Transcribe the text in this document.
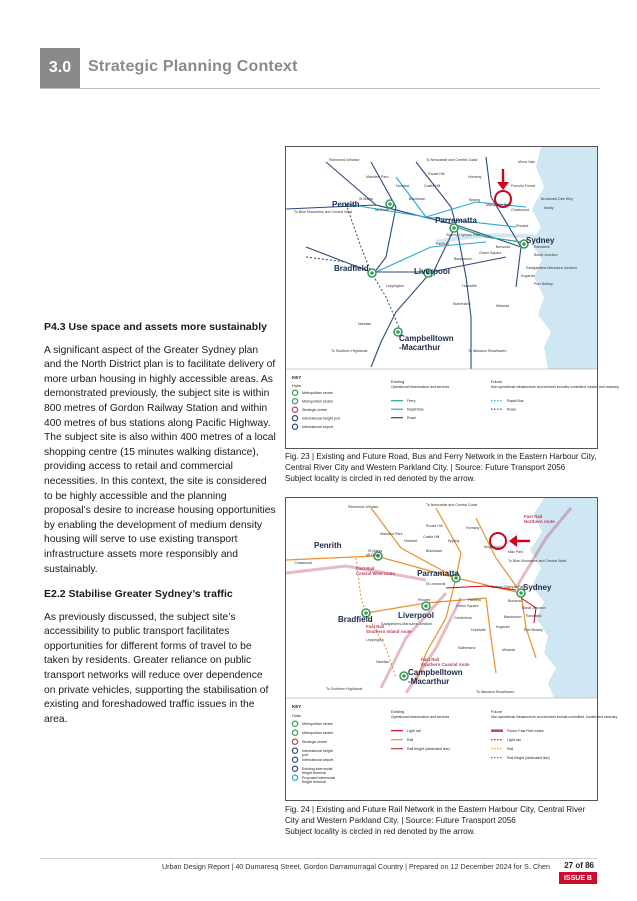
3.0	Strategic Planning Context
P4.3 Use space and assets more sustainably

A significant aspect of the Greater Sydney plan and the North District plan is to facilitate delivery of more urban housing in highly accessible areas. As demonstrated previously, the subject site is within 800 metres of Gordon Railway Station and within 400 metres of bus stations along Pacific Highway. The subject site is also within 400 metres of a local shopping centre (15 minutes walking distance), providing access to retail and commercial necessities. In this context, the site is considered to be highly accessible and the planning proposal’s desire to increase housing opportunities by enabling the development of medium density housing will serve to use existing transport infrastructure assets more responsibly and sustainably.

E2.2 Stabilise Greater Sydney’s traffic

As previously discussed, the subject site’s accessibility to public transport facilitates opportunities for different forms of travel to be taken by residents. Greater reliance on public transport networks will reduce over dependence on private vehicles, supporting the stabilisation of existing and foreshadowed traffic issues in the area.

Penrith
Parramatta
Sydney
Bradfield	Liverpool
Campbelltown
-Macarthur
Richmond-Windsor	To Newcastle and Central Coast	Mona Vale
Marsden Park
Rouse Hill
Hornsby
Norwest	Castle Hill	Frenchs Forest
Brookvale-Dee Why
St Marys
Mt Druitt
Blacktown	Epping
Macquarie Park
Manly
To Blue Mountains and Central West	Chatswood
Sydney Olympic Park
Rhodes
Fairfield
Burwood
Green Square
Randwick
Bankstown
Bondi Junction
Kogarah
Eastgardens-Maroubra Junction
Leppington	Hurstville	Port Botany
Sutherland	Miranda
Narellan
To Southern Highlands	To Illawarra-Shoalhaven
KEY
Hubs
Metropolitan centre
Metropolitan cluster
Strategic centre
International freight port
International airport
Existing
Operational infrastructure and services
Ferry
Rapid Bus
Road
Future
Non-operational infrastructure and services includes committed, funded and visionary
Rapid Bus
Road

Fig. 23 | Existing and Future Road, Bus and Ferry Network in the Eastern Harbour City, Central River City and Western Parkland City. | Source: Future Transport 2056

Subject locality is circled in red denoted by the arrow.

Penrith
Parramatta
Sydney
Bradfield	Liverpool
Campbelltown
-Macarthur
Richmond-Windsor	To Newcastle and Central Coast
Rouse Hill
Marsden Park
Hornsby
Castle Hill
Norwest	Epping
St Marys
Mt Druitt
Blacktown
Kingswood
Mac Park
Chatswood	To Blue Mountains and Central West
St Leonards
Sydney Olympic Park
Rhodes	Fairfield	Burwood
Green Square	Bondi Junction
Canterbury	Randwick
Bankstown
Eastgardens-Maroubra Junction
Hurstville
Kogarah
Port Botany
Leppington
Sutherland	Miranda
Narellan
To Southern Highlands
To Illawarra-Shoalhaven
Fast Rail Northern route
Fast Rail Central West route
Fast Rail Southern Inland route
Fast Rail Southern Coastal route
KEY
Hubs
Metropolitan centre
Metropolitan cluster
Strategic centre
International freight
port
International airport
Existing intermodal
freight terminal
Proposed intermodal
freight terminal
Existing
Operational infrastructure and services
Light rail
Rail
Rail freight (dedicated line)
Future
Non-operational infrastructure and services include committed, funded and visionary
Future Fast Rail routes
Light rail
Rail
Rail freight (dedicated line)

Fig. 24 | Existing and Future Rail Network in the Eastern Harbour City, Central River City and Western Parkland City. | Source: Future Transport 2056

Subject locality is circled in red denoted by the arrow.

Urban Design Report | 40 Dumaresq Street, Gordon Darramurragal Country | Prepared on 12 December 2024 for S. Chen 27 of 86
ISSUE B
